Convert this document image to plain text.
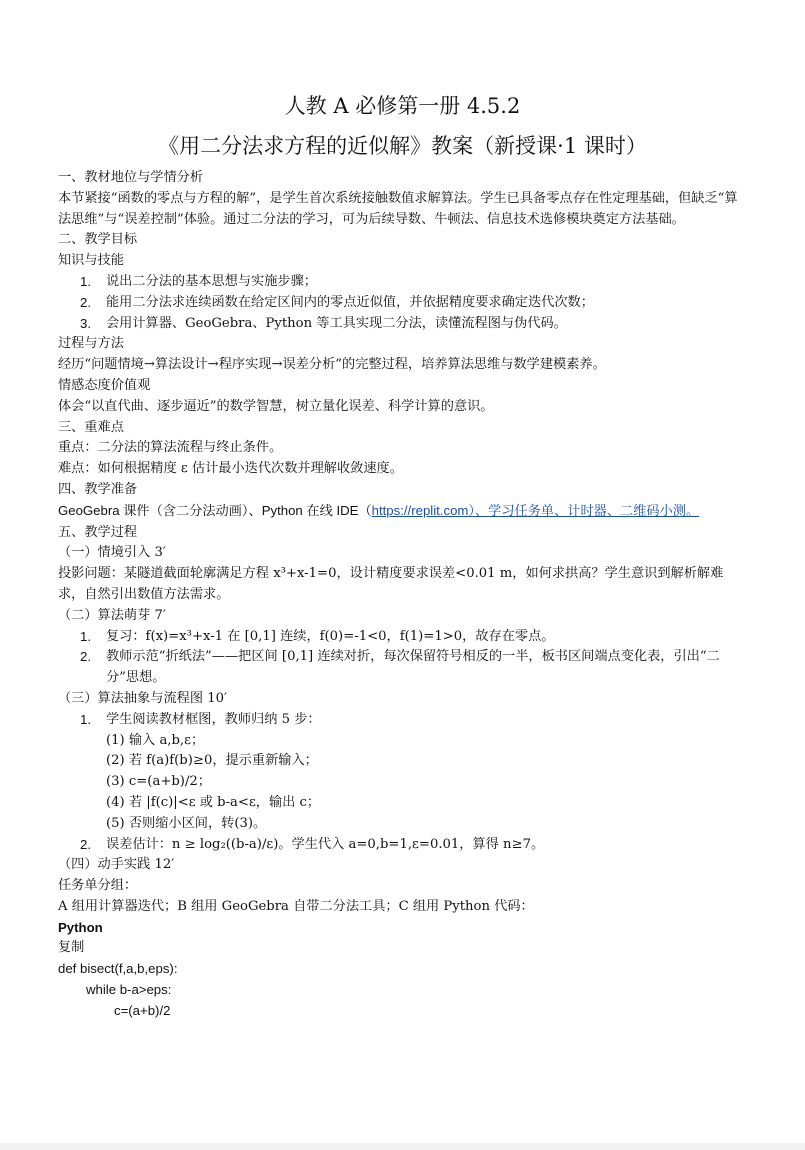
人教 A 必修第一册 4.5.2
《用二分法求方程的近似解》教案（新授课·1 课时）

一、教材地位与学情分析

本节紧接“函数的零点与方程的解”，是学生首次系统接触数值求解算法。学生已具备零点存在性定理基础，但缺乏“算法思维”与“误差控制”体验。通过二分法的学习，可为后续导数、牛顿法、信息技术选修模块奠定方法基础。

二、教学目标

知识与技能

1. 说出二分法的基本思想与实施步骤；
2. 能用二分法求连续函数在给定区间内的零点近似值，并依据精度要求确定迭代次数；
3. 会用计算器、GeoGebra、Python 等工具实现二分法，读懂流程图与伪代码。

过程与方法

经历“问题情境→算法设计→程序实现→误差分析”的完整过程，培养算法思维与数学建模素养。

情感态度价值观

体会“以直代曲、逐步逼近”的数学智慧，树立量化误差、科学计算的意识。

三、重难点

重点：二分法的算法流程与终止条件。

难点：如何根据精度 ε 估计最小迭代次数并理解收敛速度。

四、教学准备

GeoGebra 课件（含二分法动画）、Python 在线 IDE（https://replit.com）、学习任务单、计时器、二维码小测。

五、教学过程

（一）情境引入 3′

投影问题：某隧道截面轮廓满足方程 x³+x-1=0，设计精度要求误差<0.01 m，如何求拱高？学生意识到解析解难求，自然引出数值方法需求。

（二）算法萌芽 7′

1. 复习：f(x)=x³+x-1 在 [0,1] 连续，f(0)=-1<0，f(1)=1>0，故存在零点。
2. 教师示范“折纸法”——把区间 [0,1] 连续对折，每次保留符号相反的一半，板书区间端点变化表，引出“二分”思想。

（三）算法抽象与流程图 10′

1. 学生阅读教材框图，教师归纳 5 步：

(1) 输入 a,b,ε；

(2) 若 f(a)f(b)≥0，提示重新输入；

(3) c=(a+b)/2；

(4) 若 |f(c)|<ε 或 b-a<ε，输出 c；

(5) 否则缩小区间，转(3)。

2. 误差估计：n ≥ log₂((b-a)/ε)。学生代入 a=0,b=1,ε=0.01，算得 n≥7。

（四）动手实践 12′

任务单分组：

A 组用计算器迭代；B 组用 GeoGebra 自带二分法工具；C 组用 Python 代码：

Python

复制

def bisect(f,a,b,eps):

while b-a>eps:

c=(a+b)/2
